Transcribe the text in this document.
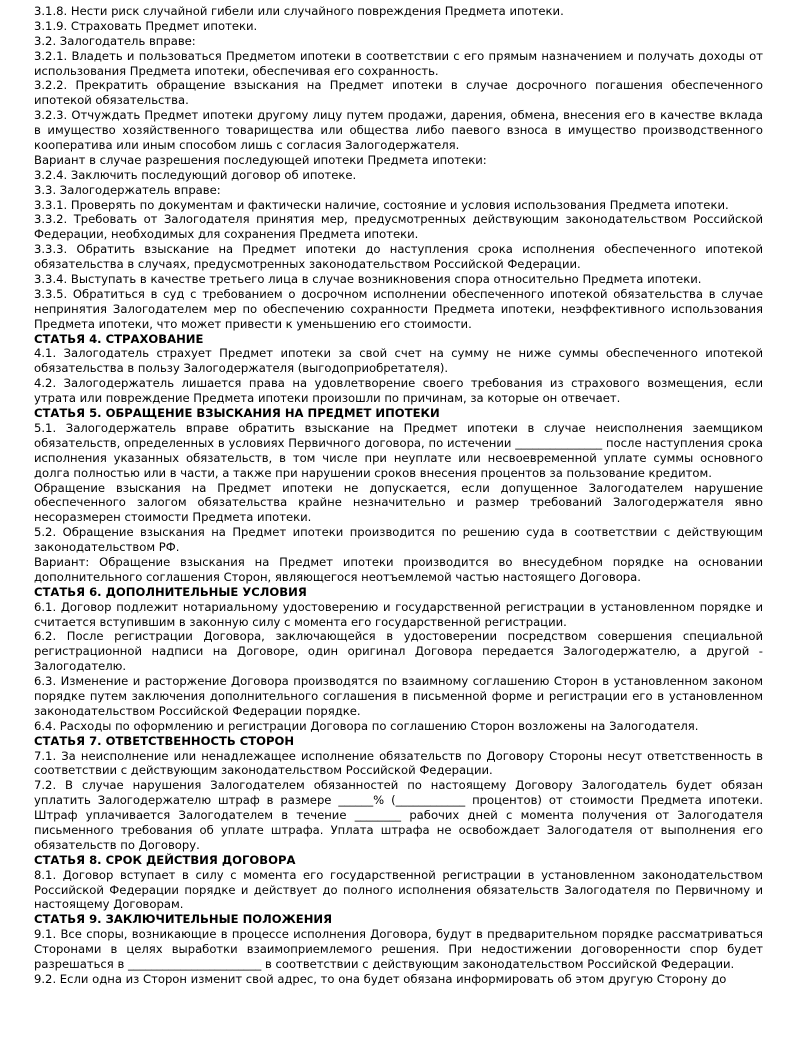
3.1.8. Нести риск случайной гибели или случайного повреждения Предмета ипотеки.

3.1.9. Страховать Предмет ипотеки.

3.2. Залогодатель вправе:

3.2.1. Владеть и пользоваться Предметом ипотеки в соответствии с его прямым назначением и получать доходы от использования Предмета ипотеки, обеспечивая его сохранность.

3.2.2. Прекратить обращение взыскания на Предмет ипотеки в случае досрочного погашения обеспеченного ипотекой обязательства.

3.2.3. Отчуждать Предмет ипотеки другому лицу путем продажи, дарения, обмена, внесения его в качестве вклада в имущество хозяйственного товарищества или общества либо паевого взноса в имущество производственного кооператива или иным способом лишь с согласия Залогодержателя.

Вариант в случае разрешения последующей ипотеки Предмета ипотеки:

3.2.4. Заключить последующий договор об ипотеке.

3.3. Залогодержатель вправе:

3.3.1. Проверять по документам и фактически наличие, состояние и условия использования Предмета ипотеки.

3.3.2. Требовать от Залогодателя принятия мер, предусмотренных действующим законодательством Российской Федерации, необходимых для сохранения Предмета ипотеки.

3.3.3. Обратить взыскание на Предмет ипотеки до наступления срока исполнения обеспеченного ипотекой обязательства в случаях, предусмотренных законодательством Российской Федерации.

3.3.4. Выступать в качестве третьего лица в случае возникновения спора относительно Предмета ипотеки.

3.3.5. Обратиться в суд с требованием о досрочном исполнении обеспеченного ипотекой обязательства в случае непринятия Залогодателем мер по обеспечению сохранности Предмета ипотеки, неэффективного использования Предмета ипотеки, что может привести к уменьшению его стоимости.

СТАТЬЯ 4. СТРАХОВАНИЕ

4.1. Залогодатель страхует Предмет ипотеки за свой счет на сумму не ниже суммы обеспеченного ипотекой обязательства в пользу Залогодержателя (выгодоприобретателя).

4.2. Залогодержатель лишается права на удовлетворение своего требования из страхового возмещения, если утрата или повреждение Предмета ипотеки произошли по причинам, за которые он отвечает.

СТАТЬЯ 5. ОБРАЩЕНИЕ ВЗЫСКАНИЯ НА ПРЕДМЕТ ИПОТЕКИ

5.1. Залогодержатель вправе обратить взыскание на Предмет ипотеки в случае неисполнения заемщиком обязательств, определенных в условиях Первичного договора, по истечении _______________ после наступления срока исполнения указанных обязательств, в том числе при неуплате или несвоевременной уплате суммы основного долга полностью или в части, а также при нарушении сроков внесения процентов за пользование кредитом.

Обращение взыскания на Предмет ипотеки не допускается, если допущенное Залогодателем нарушение обеспеченного залогом обязательства крайне незначительно и размер требований Залогодержателя явно несоразмерен стоимости Предмета ипотеки.

5.2. Обращение взыскания на Предмет ипотеки производится по решению суда в соответствии с действующим законодательством РФ.

Вариант: Обращение взыскания на Предмет ипотеки производится во внесудебном порядке на основании дополнительного соглашения Сторон, являющегося неотъемлемой частью настоящего Договора.

СТАТЬЯ 6. ДОПОЛНИТЕЛЬНЫЕ УСЛОВИЯ

6.1. Договор подлежит нотариальному удостоверению и государственной регистрации в установленном порядке и считается вступившим в законную силу с момента его государственной регистрации.

6.2. После регистрации Договора, заключающейся в удостоверении посредством совершения специальной регистрационной надписи на Договоре, один оригинал Договора передается Залогодержателю, а другой - Залогодателю.

6.3. Изменение и расторжение Договора производятся по взаимному соглашению Сторон в установленном законом порядке путем заключения дополнительного соглашения в письменной форме и регистрации его в установленном законодательством Российской Федерации порядке.

6.4. Расходы по оформлению и регистрации Договора по соглашению Сторон возложены на Залогодателя.

СТАТЬЯ 7. ОТВЕТСТВЕННОСТЬ СТОРОН

7.1. За неисполнение или ненадлежащее исполнение обязательств по Договору Стороны несут ответственность в соответствии с действующим законодательством Российской Федерации.

7.2. В случае нарушения Залогодателем обязанностей по настоящему Договору Залогодатель будет обязан уплатить Залогодержателю штраф в размере ______% (____________ процентов) от стоимости Предмета ипотеки. Штраф уплачивается Залогодателем в течение ________ рабочих дней с момента получения от Залогодателя письменного требования об уплате штрафа. Уплата штрафа не освобождает Залогодателя от выполнения его обязательств по Договору.

СТАТЬЯ 8. СРОК ДЕЙСТВИЯ ДОГОВОРА

8.1. Договор вступает в силу с момента его государственной регистрации в установленном законодательством Российской Федерации порядке и действует до полного исполнения обязательств Залогодателя по Первичному и настоящему Договорам.

СТАТЬЯ 9. ЗАКЛЮЧИТЕЛЬНЫЕ ПОЛОЖЕНИЯ

9.1. Все споры, возникающие в процессе исполнения Договора, будут в предварительном порядке рассматриваться Сторонами в целях выработки взаимоприемлемого решения. При недостижении договоренности спор будет разрешаться в _______________________ в соответствии с действующим законодательством Российской Федерации.

9.2. Если одна из Сторон изменит свой адрес, то она будет обязана информировать об этом другую Сторону до
